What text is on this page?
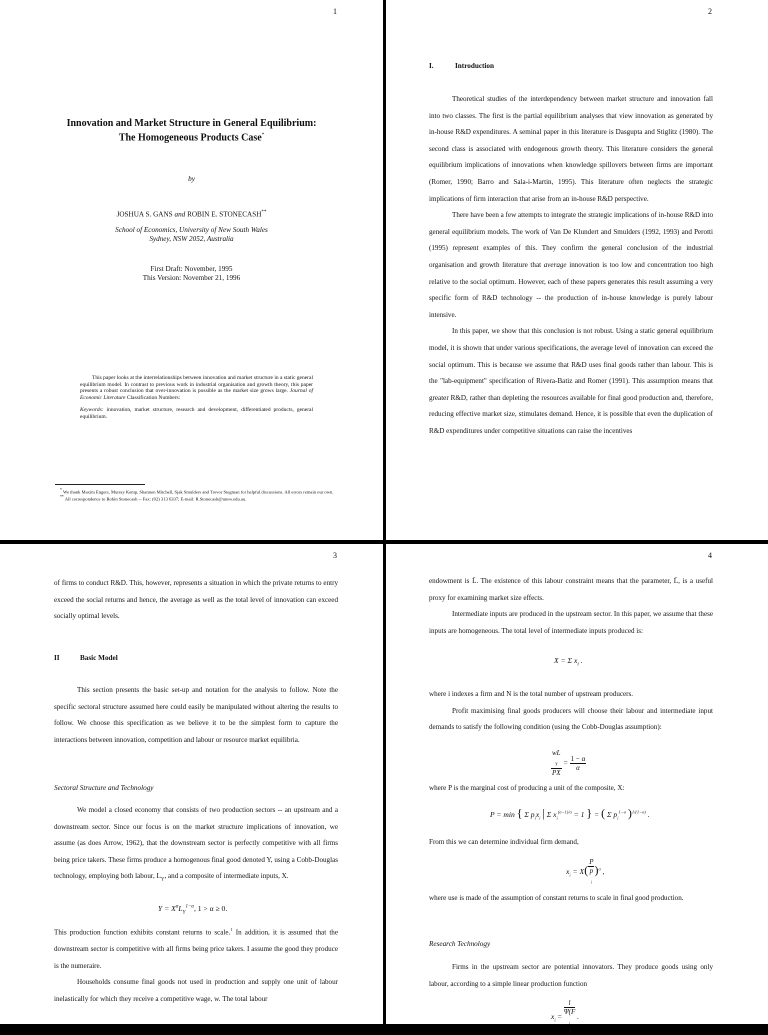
1
Innovation and Market Structure in General Equilibrium:
The Homogeneous Products Case*
by
JOSHUA S. GANS and ROBIN E. STONECASH**
School of Economics, University of New South Wales
Sydney, NSW 2052, Australia
First Draft: November, 1995
This Version: November 21, 1996

This paper looks at the interrelationships between innovation and market structure in a static general equilibrium model. In contrast to previous work in industrial organisation and growth theory, this paper presents a robust conclusion that over-innovation is possible as the market size grows large. Journal of Economic Literature Classification Numbers:

Keywords: innovation, market structure, research and development, differentiated products, general equilibrium.

* We thank Maxim Engers, Murray Kemp, Shannon Mitchell, Sjak Smulders and Trevor Stegman for helpful discussions. All errors remain our own.
** All correspondence to Robin Stonecash -- Fax: (02) 313 6337; E-mail: R.Stonecash@unsw.edu.au.
2
I.	Introduction

Theoretical studies of the interdependency between market structure and innovation fall into two classes. The first is the partial equilibrium analyses that view innovation as generated by in-house R&D expenditures. A seminal paper in this literature is Dasgupta and Stiglitz (1980). The second class is associated with endogenous growth theory. This literature considers the general equilibrium implications of innovations when knowledge spillovers between firms are important (Romer, 1990; Barro and Sala-i-Martin, 1995). This literature often neglects the strategic implications of firm interaction that arise from an in-house R&D perspective.

There have been a few attempts to integrate the strategic implications of in-house R&D into general equilibrium models. The work of Van De Klundert and Smulders (1992, 1993) and Perotti (1995) represent examples of this. They confirm the general conclusion of the industrial organisation and growth literature that average innovation is too low and concentration too high relative to the social optimum. However, each of these papers generates this result assuming a very specific form of R&D technology -- the production of in-house knowledge is purely labour intensive.

In this paper, we show that this conclusion is not robust. Using a static general equilibrium model, it is shown that under various specifications, the average level of innovation can exceed the social optimum. This is because we assume that R&D uses final goods rather than labour. This is the "lab-equipment" specification of Rivera-Batiz and Romer (1991). This assumption means that greater R&D, rather than depleting the resources available for final good production and, therefore, reducing effective market size, stimulates demand. Hence, it is possible that even the duplication of R&D expenditures under competitive situations can raise the incentives

3
of firms to conduct R&D. This, however, represents a situation in which the private returns to entry exceed the social returns and hence, the average as well as the total level of innovation can exceed socially optimal levels.
II	Basic Model

This section presents the basic set-up and notation for the analysis to follow. Note the specific sectoral structure assumed here could easily be manipulated without altering the results to follow. We choose this specification as we believe it to be the simplest form to capture the interactions between innovation, competition and labour or resource market equilibria.

Sectoral Structure and Technology

We model a closed economy that consists of two production sectors -- an upstream and a downstream sector. Since our focus is on the market structure implications of innovation, we assume (as does Arrow, 1962), that the downstream sector is perfectly competitive with all firms being price takers. These firms produce a homogenous final good denoted Y, using a Cobb-Douglas technology, employing both labour, $L_Y$, and a composite of intermediate inputs, X.

$Y = X^\alpha L_Y^{1-\alpha}$, 1 > α ≥ 0.

This production function exhibits constant returns to scale.$^1$ In addition, it is assumed that the downstream sector is competitive with all firms being price takers. I assume the good they produce is the numeraire.

Households consume final goods not used in production and supply one unit of labour inelastically for which they receive a competitive wage, w. The total labour

4
endowment is L̄. The existence of this labour constraint means that the parameter, L̄, is a useful proxy for examining market size effects.

Intermediate inputs are produced in the upstream sector. In this paper, we assume that these inputs are homogeneous. The total level of intermediate inputs produced is:

X = Σ $x_i$ .

where i indexes a firm and N is the total number of upstream producers.

Profit maximising final goods producers will choose their labour and intermediate input demands to satisfy the following condition (using the Cobb-Douglas assumption):

wL
$_Y$
PX = $\frac{1 - \alpha}{\alpha}$
where P is the marginal cost of producing a unit of the composite, X:
P = min { Σ $p_ix_i$ | Σ $x_i^{(\sigma-1)/\sigma} = 1$ } = ( Σ $p_i^{1-\sigma}$ )$^{1/(1-\sigma)}$ .
From this we can determine individual firm demand,
$x_i = X$( P
p
$_i$ )$^\sigma$ ,
where use is made of the assumption of constant returns to scale in final good production.
Research Technology

Firms in the upstream sector are potential innovators. They produce goods using only labour, according to a simple linear production function

$x_i = l$
Ψ(F
$_i$
) .
